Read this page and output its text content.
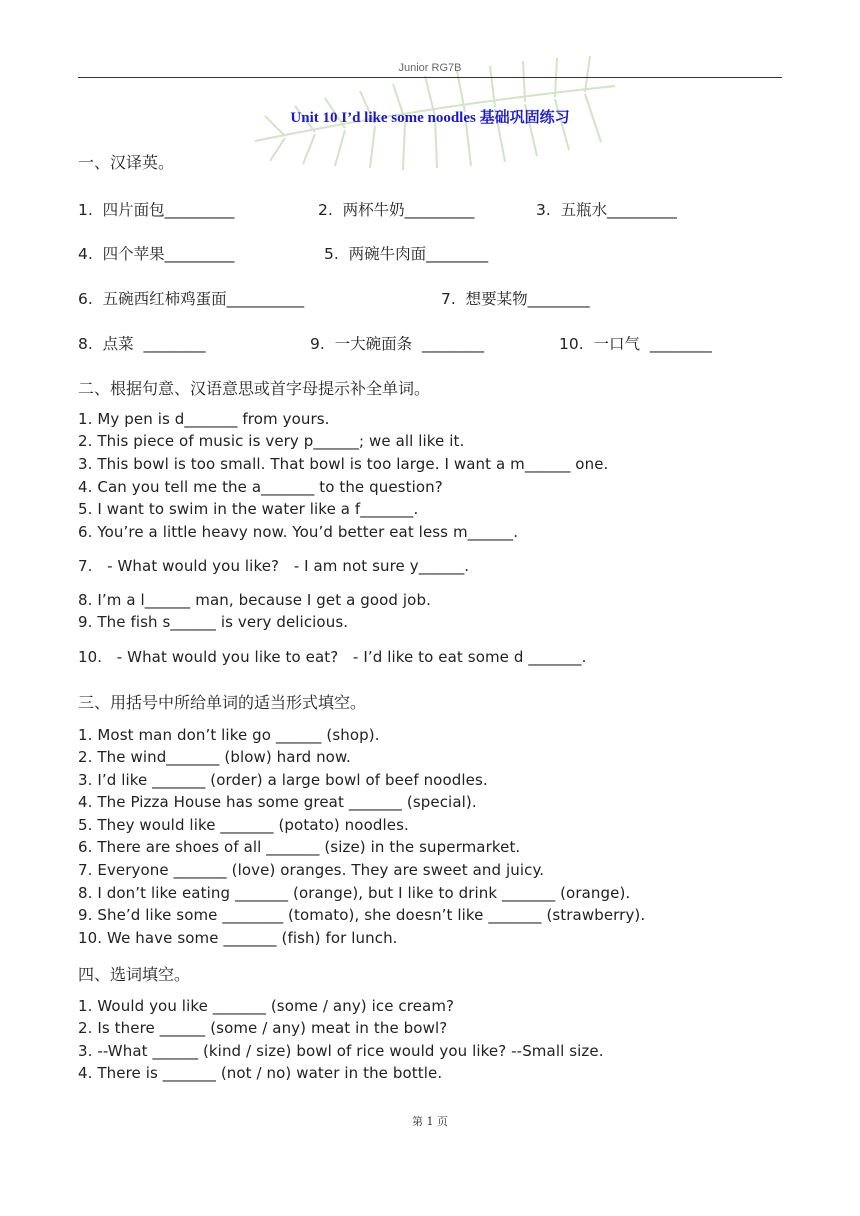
Junior RG7B
Unit 10 I’d like some noodles 基础巩固练习
一、汉译英。
1.  四片面包_________	2.  两杯牛奶_________	3.  五瓶水_________
4.  四个苹果_________	5.  两碗牛肉面________
6.  五碗西红柿鸡蛋面__________	7.  想要某物________
8.  点菜  ________	9.  一大碗面条  ________	10.  一口气  ________
二、根据句意、汉语意思或首字母提示补全单词。
1. My pen is d_______ from yours.
2. This piece of music is very p______; we all like it.
3. This bowl is too small. That bowl is too large. I want a m______ one.
4. Can you tell me the a_______ to the question?
5. I want to swim in the water like a f_______.
6. You’re a little heavy now. You’d better eat less m______.
7.   - What would you like?   - I am not sure y______.
8. I’m a l______ man, because I get a good job.
9. The fish s______ is very delicious.
10.   - What would you like to eat?   - I’d like to eat some d _______.
三、用括号中所给单词的适当形式填空。
1. Most man don’t like go ______ (shop).
2. The wind_______ (blow) hard now.
3. I’d like _______ (order) a large bowl of beef noodles.
4. The Pizza House has some great _______ (special).
5. They would like _______ (potato) noodles.
6. There are shoes of all _______ (size) in the supermarket.
7. Everyone _______ (love) oranges. They are sweet and juicy.
8. I don’t like eating _______ (orange), but I like to drink _______ (orange).
9. She’d like some ________ (tomato), she doesn’t like _______ (strawberry).
10. We have some _______ (fish) for lunch.
四、选词填空。
1. Would you like _______ (some / any) ice cream?
2. Is there ______ (some / any) meat in the bowl?
3. --What ______ (kind / size) bowl of rice would you like? --Small size.
4. There is _______ (not / no) water in the bottle.
第 1 页
